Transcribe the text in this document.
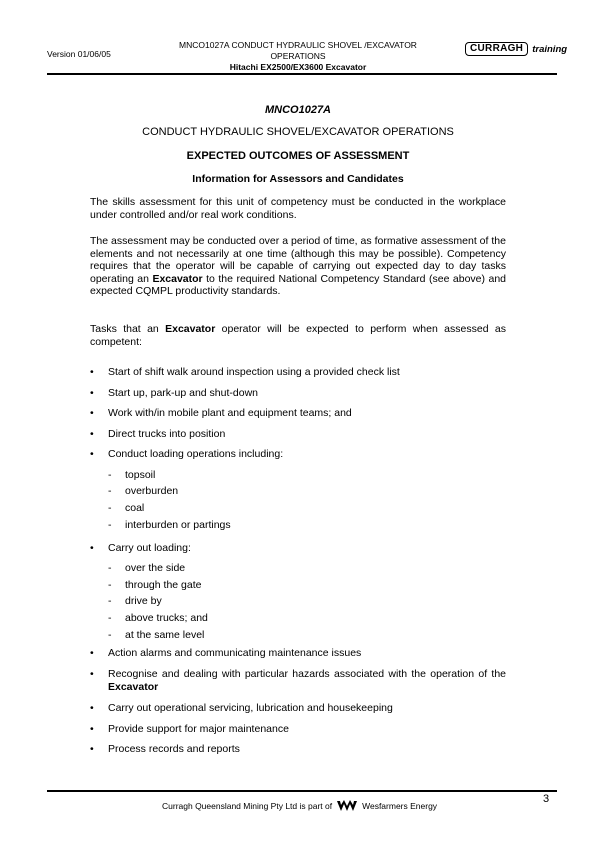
Version 01/06/05
MNCO1027A CONDUCT HYDRAULIC SHOVEL /EXCAVATOR
OPERATIONS
Hitachi EX2500/EX3600 Excavator
CURRAGH training
MNCO1027A
CONDUCT HYDRAULIC SHOVEL/EXCAVATOR OPERATIONS
EXPECTED OUTCOMES OF ASSESSMENT
Information for Assessors and Candidates
The skills assessment for this unit of competency must be conducted in the workplace under controlled and/or real work conditions.
The assessment may be conducted over a period of time, as formative assessment of the elements and not necessarily at one time (although this may be possible). Competency requires that the operator will be capable of carrying out expected day to day tasks operating an Excavator to the required National Competency Standard (see above) and expected CQMPL productivity standards.
Tasks that an Excavator operator will be expected to perform when assessed as competent:
• Start of shift walk around inspection using a provided check list
• Start up, park-up and shut-down
• Work with/in mobile plant and equipment teams; and
• Direct trucks into position
• Conduct loading operations including:
- topsoil
- overburden
- coal
- interburden or partings
• Carry out loading:
- over the side
- through the gate
- drive by
- above trucks; and
- at the same level
• Action alarms and communicating maintenance issues
• Recognise and dealing with particular hazards associated with the operation of the Excavator
• Carry out operational servicing, lubrication and housekeeping
• Provide support for major maintenance
• Process records and reports
Curragh Queensland Mining Pty Ltd is part of	Wesfarmers Energy
3
